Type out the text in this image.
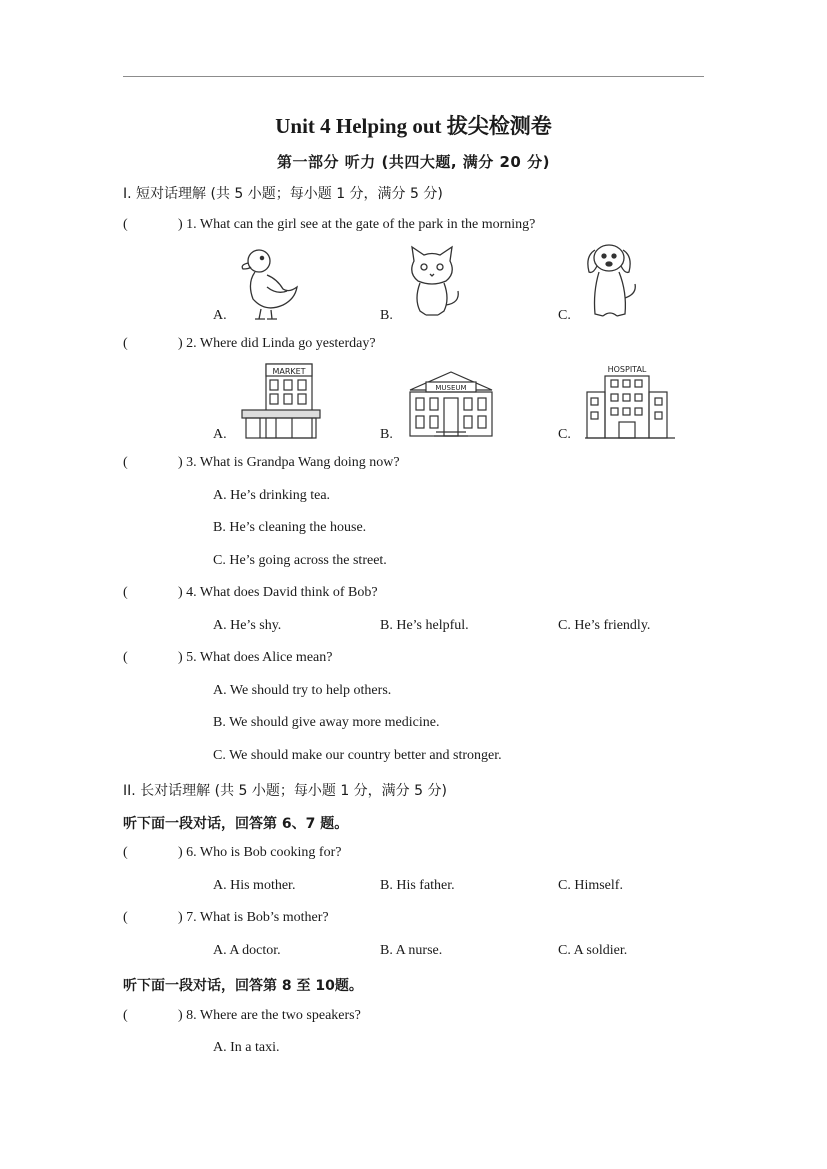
Unit 4 Helping out 拔尖检测卷
第一部分 听力 (共四大题, 满分 20 分)
I. 短对话理解 (共 5 小题；每小题 1 分，满分 5 分)
(	) 1. What can the girl see at the gate of the park in the morning?
A.	B.	C.
(	) 2. Where did Linda go yesterday?
A.	B.	C.
MARKET
MUSEUM
HOSPITAL
(	) 3. What is Grandpa Wang doing now?
A. He’s drinking tea.
B. He’s cleaning the house.
C. He’s going across the street.
(	) 4. What does David think of Bob?
A. He’s shy.	B. He’s helpful.	C. He’s friendly.
(	) 5. What does Alice mean?
A. We should try to help others.
B. We should give away more medicine.
C. We should make our country better and stronger.
II. 长对话理解 (共 5 小题；每小题 1 分，满分 5 分)
听下面一段对话，回答第 6、7 题。
(	) 6. Who is Bob cooking for?
A. His mother.	B. His father.	C. Himself.
(	) 7. What is Bob’s mother?
A. A doctor.	B. A nurse.	C. A soldier.
听下面一段对话，回答第 8 至 10题。
(	) 8. Where are the two speakers?
A. In a taxi.
